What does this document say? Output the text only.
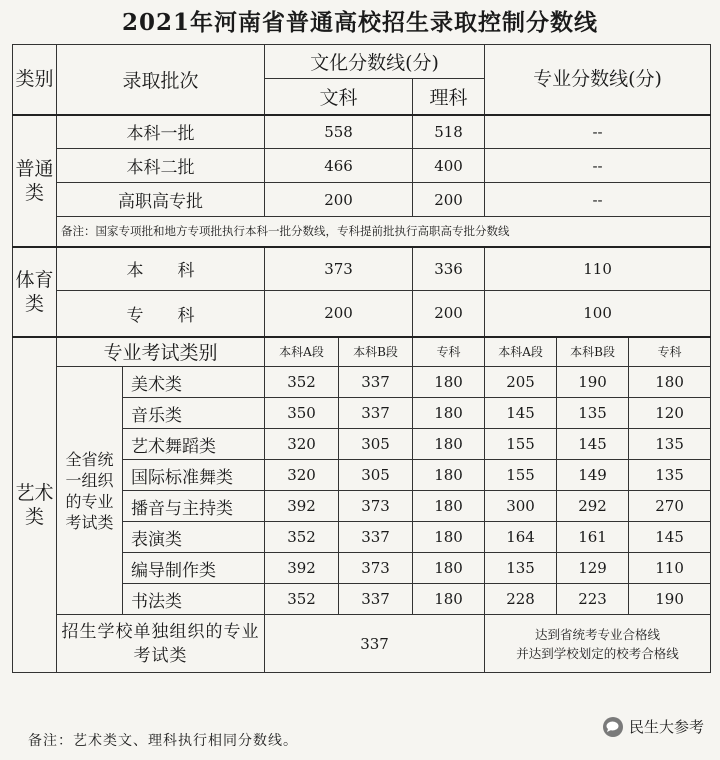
2021年河南省普通高校招生录取控制分数线
类别	录取批次		文化分数线(分)			专业分数线(分)		
			文科		理科			
普通类	本科一批		558		518	--		
	本科二批		466		400	--		
	高职高专批		200		200	--		
	备注：国家专项批和地方专项批执行本科一批分数线，专科提前批执行高职高专批分数线							
体育类	本　　科		373		336	110		
	专　　科		200		200	100		
艺术类	专业考试类别		本科A段	本科B段	专科	本科A段	本科B段	专科
	全省统一组织的专业考试类	美术类	352	337	180	205	190	180
		音乐类	350	337	180	145	135	120
		艺术舞蹈类	320	305	180	155	145	135
		国际标准舞类	320	305	180	155	149	135
		播音与主持类	392	373	180	300	292	270
		表演类	352	337	180	164	161	145
		编导制作类	392	373	180	135	129	110
		书法类	352	337	180	228	223	190
	招生学校单独组织的专业考试类		337			达到省统考专业合格线
并达到学校划定的校考合格线		
备注：艺术类文、理科执行相同分数线。
民生大参考
